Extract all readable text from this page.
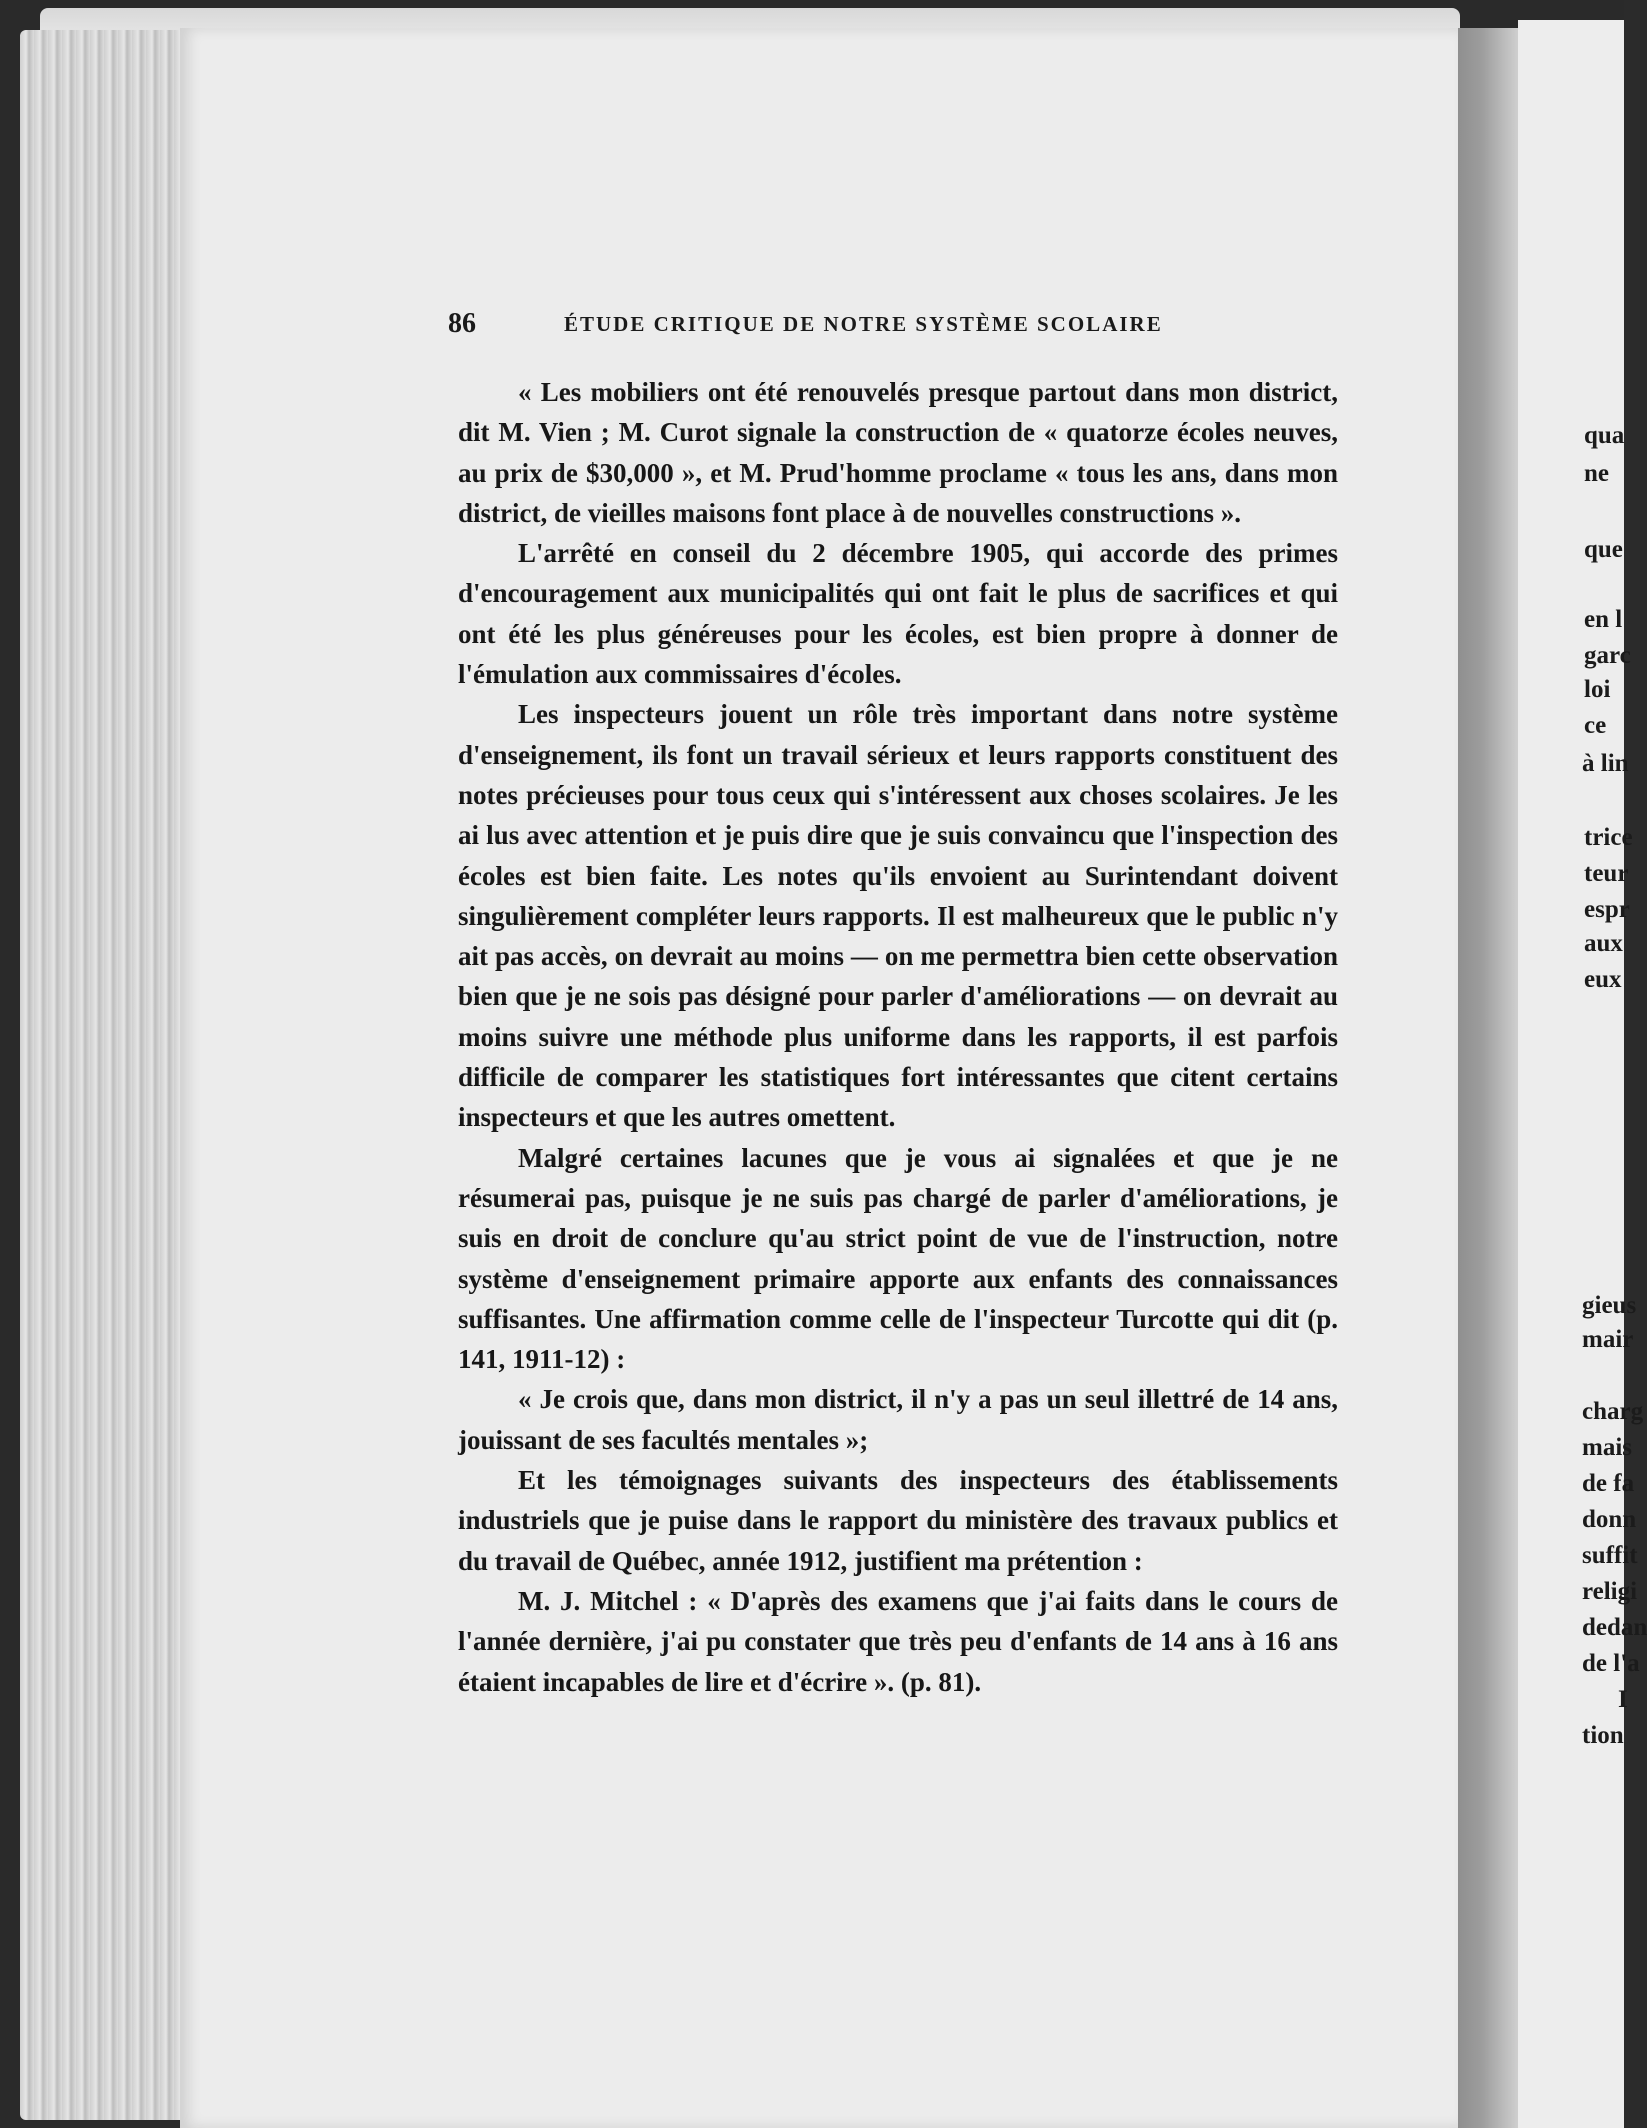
qua
ne
que
en l
garc
loi
ce
à lin
trice
teur
espr
aux
eux
gieus
mair
charg
mais
de fa
donn
suffit
religi
dedan
de l'a
I
tion
86	ÉTUDE CRITIQUE DE NOTRE SYSTÈME SCOLAIRE

« Les mobiliers ont été renouvelés presque partout dans mon district, dit M. Vien ; M. Curot signale la construction de « quatorze écoles neuves, au prix de $30,000 », et M. Prud'homme proclame « tous les ans, dans mon district, de vieilles maisons font place à de nouvelles constructions ».

L'arrêté en conseil du 2 décembre 1905, qui accorde des primes d'encouragement aux municipalités qui ont fait le plus de sacrifices et qui ont été les plus généreuses pour les écoles, est bien propre à donner de l'émulation aux commissaires d'écoles.

Les inspecteurs jouent un rôle très important dans notre système d'enseignement, ils font un travail sérieux et leurs rapports constituent des notes précieuses pour tous ceux qui s'intéressent aux choses scolaires. Je les ai lus avec attention et je puis dire que je suis convaincu que l'inspection des écoles est bien faite. Les notes qu'ils envoient au Surintendant doivent singulièrement compléter leurs rapports. Il est malheureux que le public n'y ait pas accès, on devrait au moins — on me permettra bien cette observation bien que je ne sois pas désigné pour parler d'améliorations — on devrait au moins suivre une méthode plus uniforme dans les rapports, il est parfois difficile de comparer les statistiques fort intéressantes que citent certains inspecteurs et que les autres omettent.

Malgré certaines lacunes que je vous ai signalées et que je ne résumerai pas, puisque je ne suis pas chargé de parler d'améliorations, je suis en droit de conclure qu'au strict point de vue de l'instruction, notre système d'enseignement primaire apporte aux enfants des connaissances suffisantes. Une affirmation comme celle de l'inspecteur Turcotte qui dit (p. 141, 1911-12) :

« Je crois que, dans mon district, il n'y a pas un seul illettré de 14 ans, jouissant de ses facultés mentales »;

Et les témoignages suivants des inspecteurs des établissements industriels que je puise dans le rapport du ministère des travaux publics et du travail de Québec, année 1912, justifient ma prétention :

M. J. Mitchel : « D'après des examens que j'ai faits dans le cours de l'année dernière, j'ai pu constater que très peu d'enfants de 14 ans à 16 ans étaient incapables de lire et d'écrire ». (p. 81).
